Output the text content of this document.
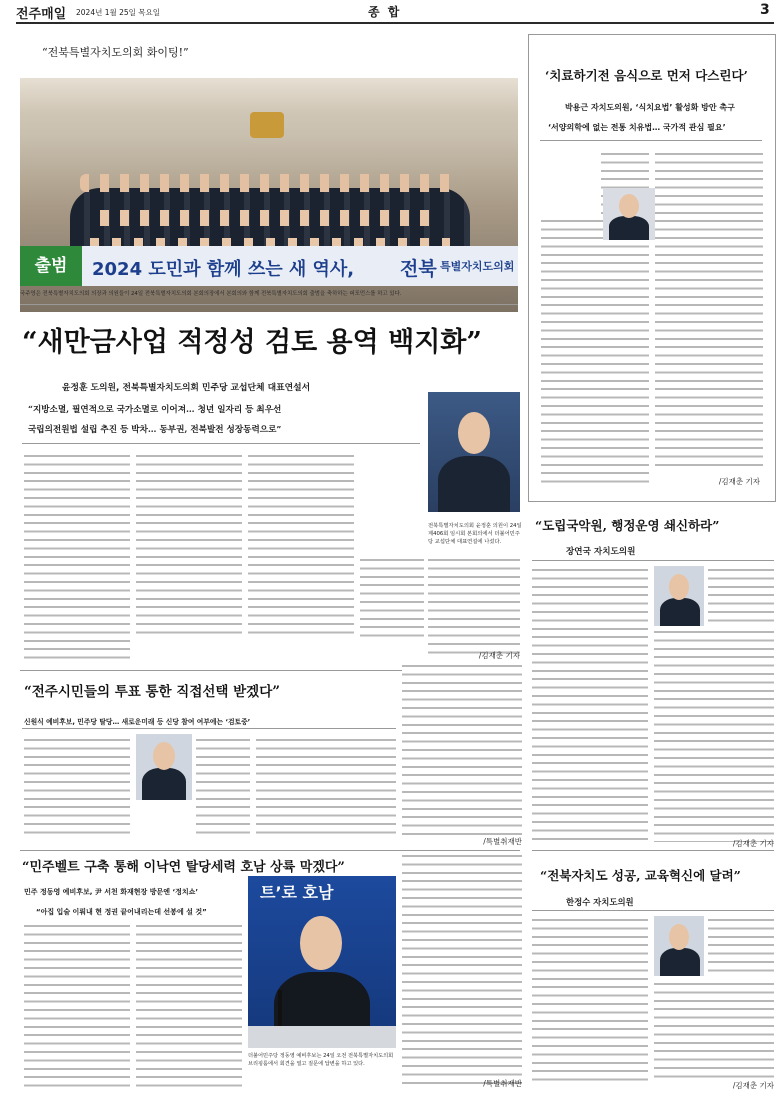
전주매일 2024년 1월 25일 목요일	종 합	3
“전북특별자치도의회 화이팅!”
출범	2024 도민과 함께 쓰는 새 역사, 전북 특별자치도의회
국주영은 전북특별자치도의회 의장과 의원들이 24일 전북특별자치도의회 본회의장에서 본회의와 함께 전북특별자치도의회 출범을 축하하는 퍼포먼스를 하고 있다.
‘치료하기전 음식으로 먼저 다스린다’
박용근 자치도의원, ‘식치요법’ 활성화 방안 촉구
‘서양의학에 없는 전통 치유법… 국가적 관심 필요’
/김재춘 기자
“새만금사업 적정성 검토 용역 백지화”
윤정훈 도의원, 전북특별자치도의회 민주당 교섭단체 대표연설서
“지방소멸, 필연적으로 국가소멸로 이어져… 청년 일자리 등 최우선
국립의전원법 설립 추진 등 박차… 동부권, 전북발전 성장동력으로”
전북특별자치도의회 윤정훈 의원이 24일 제406회 임시회 본회의에서 더불어민주당 교섭단체 대표연설에 나섰다.
/김재춘 기자
“도립국악원, 행정운영 쇄신하라”
장연국 자치도의원
/김재춘 기자
“전주시민들의 투표 통한 직접선택 받겠다”
신원식 예비후보, 민주당 탈당… 새로운미래 등 신당 참여 여부에는 ‘검토중’
/특별취재반
“민주벨트 구축 통해 이낙연 탈당세력 호남 상륙 막겠다”
민주 정동영 예비후보, 尹 서천 화재현장 방문엔 ‘정치쇼’
“아집 입술 이뤄내 현 정권 끝어내리는데 선봉에 설 것”
트’로 호남
더불어민주당 정동영 예비후보는 24일 오전 전북특별자치도의회 브리핑룸에서 회견을 열고 질문에 답변을 하고 있다.
/특별취재반
“전북자치도 성공, 교육혁신에 달려”
한정수 자치도의원
/김재춘 기자
